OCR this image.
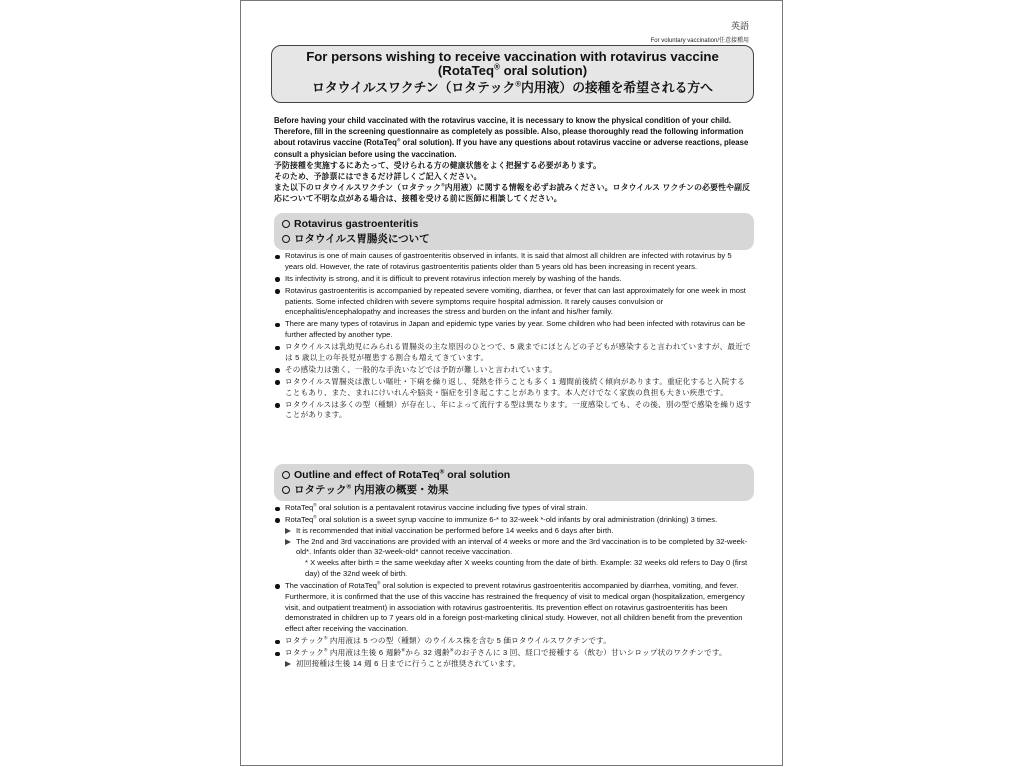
英語
For voluntary vaccination/任意接種用
For persons wishing to receive vaccination with rotavirus vaccine
(RotaTeq® oral solution)
ロタウイルスワクチン（ロタテック®内用液）の接種を希望される方へ

Before having your child vaccinated with the rotavirus vaccine, it is necessary to know the physical condition of your child. Therefore, fill in the screening questionnaire as completely as possible. Also, please thoroughly read the following information about rotavirus vaccine (RotaTeq® oral solution). If you have any questions about rotavirus vaccine or adverse reactions, please consult a physician before using the vaccination.

予防接種を実施するにあたって、受けられる方の健康状態をよく把握する必要があります。

そのため、予診票にはできるだけ詳しくご記入ください。

また以下のロタウイルスワクチン（ロタテック®内用液）に関する情報を必ずお読みください。ロタウイルス ワクチンの必要性や副反応について不明な点がある場合は、接種を受ける前に医師に相談してください。

Rotavirus gastroenteritis
ロタウイルス胃腸炎について
Rotavirus is one of main causes of gastroenteritis observed in infants. It is said that almost all children are infected with rotavirus by 5 years old. However, the rate of rotavirus gastroenteritis patients older than 5 years old has been increasing in recent years.
Its infectivity is strong, and it is difficult to prevent rotavirus infection merely by washing of the hands.
Rotavirus gastroenteritis is accompanied by repeated severe vomiting, diarrhea, or fever that can last approximately for one week in most patients. Some infected children with severe symptoms require hospital admission. It rarely causes convulsion or encephalitis/encephalopathy and increases the stress and burden on the infant and his/her family.
There are many types of rotavirus in Japan and epidemic type varies by year. Some children who had been infected with rotavirus can be further affected by another type.
ロタウイルスは乳幼児にみられる胃腸炎の主な原因のひとつで、5 歳までにほとんどの子どもが感染すると言われていますが、最近では 5 歳以上の年長児が罹患する割合も増えてきています。
その感染力は強く、一般的な手洗いなどでは予防が難しいと言われています。
ロタウイルス胃腸炎は激しい嘔吐・下痢を繰り返し、発熱を伴うことも多く 1 週間前後続く傾向があります。重症化すると入院することもあり、また、まれにけいれんや脳炎・脳症を引き起こすことがあります。本人だけでなく家族の負担も大きい疾患です。
ロタウイルスは多くの型（種類）が存在し、年によって流行する型は異なります。一度感染しても、その後、別の型で感染を繰り返すことがあります。
Outline and effect of RotaTeq® oral solution
ロタテック® 内用液の概要・効果
RotaTeq® oral solution is a pentavalent rotavirus vaccine including five types of viral strain.
RotaTeq® oral solution is a sweet syrup vaccine to immunize 6-* to 32-week *-old infants by oral administration (drinking) 3 times.
It is recommended that initial vaccination be performed before 14 weeks and 6 days after birth.
The 2nd and 3rd vaccinations are provided with an interval of 4 weeks or more and the 3rd vaccination is to be completed by 32-week-old*. Infants older than 32-week-old* cannot receive vaccination.
* X weeks after birth = the same weekday after X weeks counting from the date of birth. Example: 32 weeks old refers to Day 0 (first day) of the 32nd week of birth.
The vaccination of RotaTeq® oral solution is expected to prevent rotavirus gastroenteritis accompanied by diarrhea, vomiting, and fever. Furthermore, it is confirmed that the use of this vaccine has restrained the frequency of visit to medical organ (hospitalization, emergency visit, and outpatient treatment) in association with rotavirus gastroenteritis. Its prevention effect on rotavirus gastroenteritis has been demonstrated in children up to 7 years old in a foreign post-marketing clinical study. However, not all children benefit from the prevention effect after receiving the vaccination.
ロタテック® 内用液は 5 つの型（種類）のウイルス株を含む 5 価ロタウイルスワクチンです。
ロタテック® 内用液は生後 6 週齢※から 32 週齢※のお子さんに 3 回、経口で接種する（飲む）甘いシロップ状のワクチンです。
初回接種は生後 14 週 6 日までに行うことが推奨されています。
